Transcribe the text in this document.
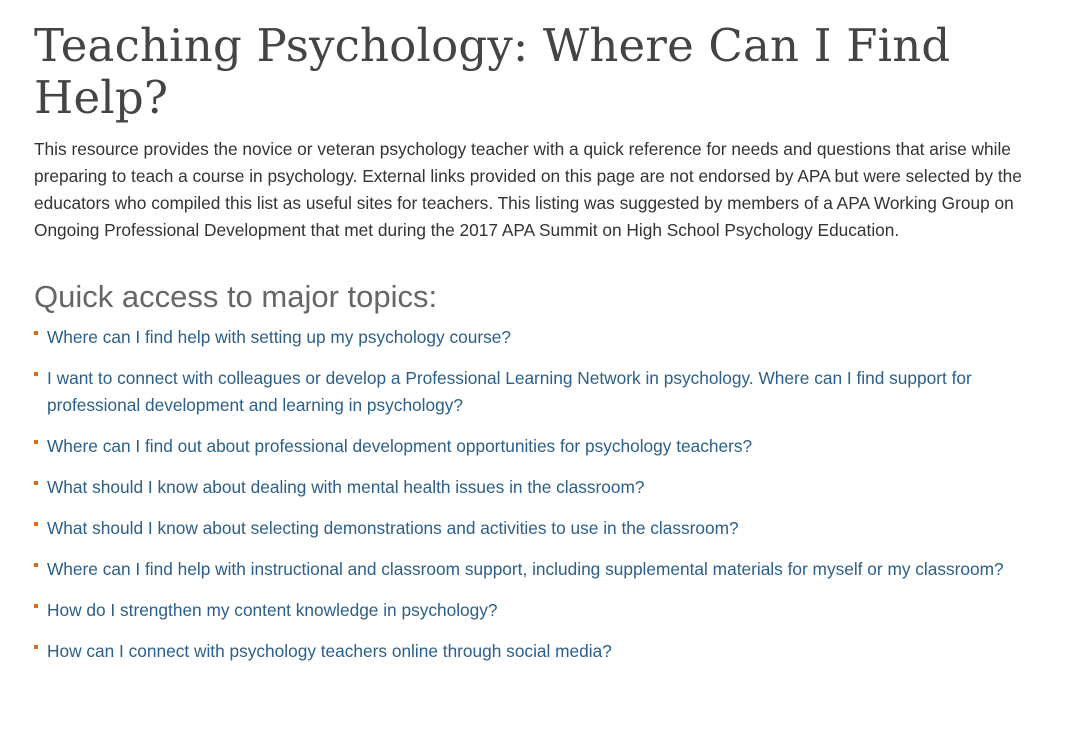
Teaching Psychology: Where Can I Find Help?

This resource provides the novice or veteran psychology teacher with a quick reference for needs and questions that arise while preparing to teach a course in psychology. External links provided on this page are not endorsed by APA but were selected by the educators who compiled this list as useful sites for teachers. This listing was suggested by members of a APA Working Group on Ongoing Professional Development that met during the 2017 APA Summit on High School Psychology Education.

Quick access to major topics:
Where can I find help with setting up my psychology course?
I want to connect with colleagues or develop a Professional Learning Network in psychology. Where can I find support for professional development and learning in psychology?
Where can I find out about professional development opportunities for psychology teachers?
What should I know about dealing with mental health issues in the classroom?
What should I know about selecting demonstrations and activities to use in the classroom?
Where can I find help with instructional and classroom support, including supplemental materials for myself or my classroom?
How do I strengthen my content knowledge in psychology?
How can I connect with psychology teachers online through social media?
